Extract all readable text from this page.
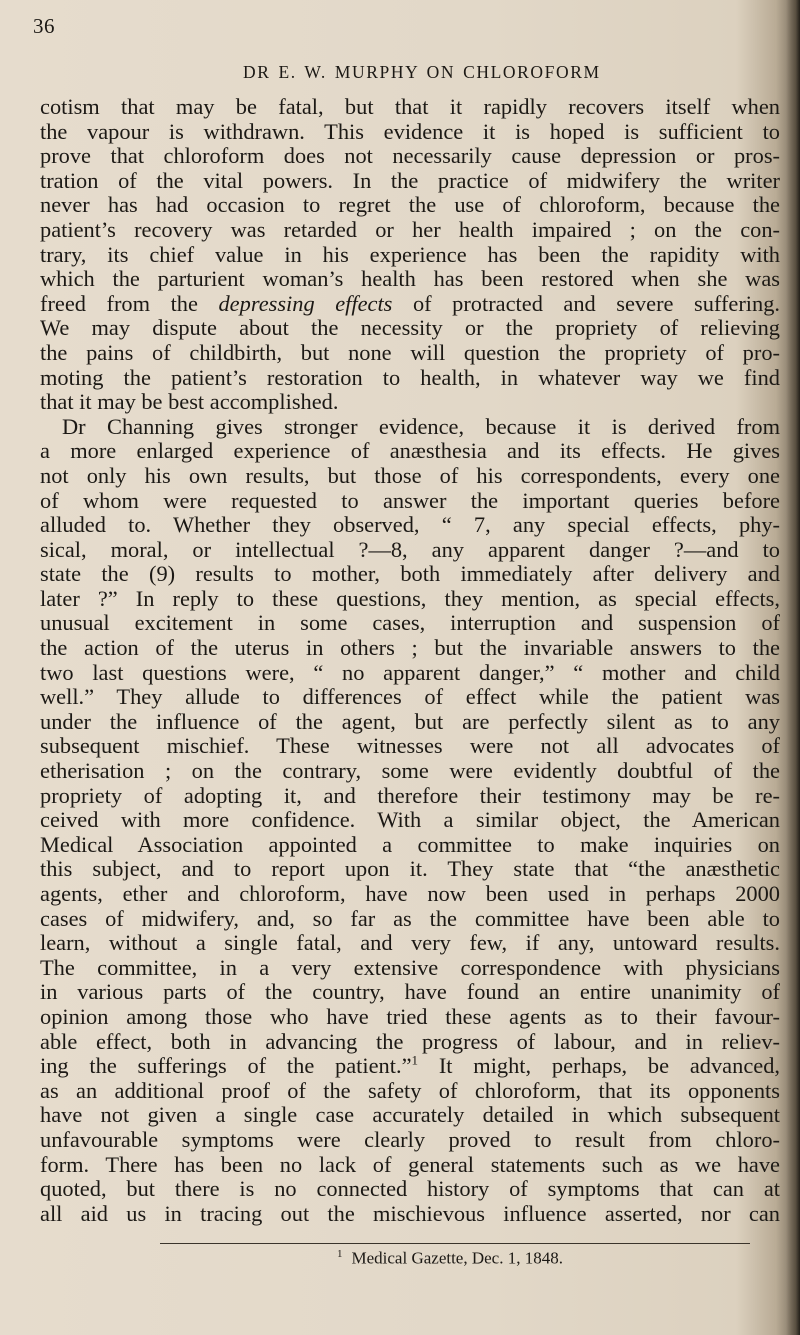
36
DR E. W. MURPHY ON CHLOROFORM
cotism that may be fatal, but that it rapidly recovers itself when
the vapour is withdrawn. This evidence it is hoped is sufficient to
prove that chloroform does not necessarily cause depression or pros-
tration of the vital powers. In the practice of midwifery the writer
never has had occasion to regret the use of chloroform, because the
patient’s recovery was retarded or her health impaired ; on the con-
trary, its chief value in his experience has been the rapidity with
which the parturient woman’s health has been restored when she was
freed from the depressing effects of protracted and severe suffering.
We may dispute about the necessity or the propriety of relieving
the pains of childbirth, but none will question the propriety of pro-
moting the patient’s restoration to health, in whatever way we find
that it may be best accomplished.
Dr Channing gives stronger evidence, because it is derived from
a more enlarged experience of anæsthesia and its effects. He gives
not only his own results, but those of his correspondents, every one
of whom were requested to answer the important queries before
alluded to. Whether they observed, “ 7, any special effects, phy-
sical, moral, or intellectual ?—8, any apparent danger ?—and to
state the (9) results to mother, both immediately after delivery and
later ?” In reply to these questions, they mention, as special effects,
unusual excitement in some cases, interruption and suspension of
the action of the uterus in others ; but the invariable answers to the
two last questions were, “ no apparent danger,” “ mother and child
well.” They allude to differences of effect while the patient was
under the influence of the agent, but are perfectly silent as to any
subsequent mischief. These witnesses were not all advocates of
etherisation ; on the contrary, some were evidently doubtful of the
propriety of adopting it, and therefore their testimony may be re-
ceived with more confidence. With a similar object, the American
Medical Association appointed a committee to make inquiries on
this subject, and to report upon it. They state that “the anæsthetic
agents, ether and chloroform, have now been used in perhaps 2000
cases of midwifery, and, so far as the committee have been able to
learn, without a single fatal, and very few, if any, untoward results.
The committee, in a very extensive correspondence with physicians
in various parts of the country, have found an entire unanimity of
opinion among those who have tried these agents as to their favour-
able effect, both in advancing the progress of labour, and in reliev-
ing the sufferings of the patient.”$^1$ It might, perhaps, be advanced,
as an additional proof of the safety of chloroform, that its opponents
have not given a single case accurately detailed in which subsequent
unfavourable symptoms were clearly proved to result from chloro-
form. There has been no lack of general statements such as we have
quoted, but there is no connected history of symptoms that can at
all aid us in tracing out the mischievous influence asserted, nor can
$^1$ Medical Gazette, Dec. 1, 1848.
